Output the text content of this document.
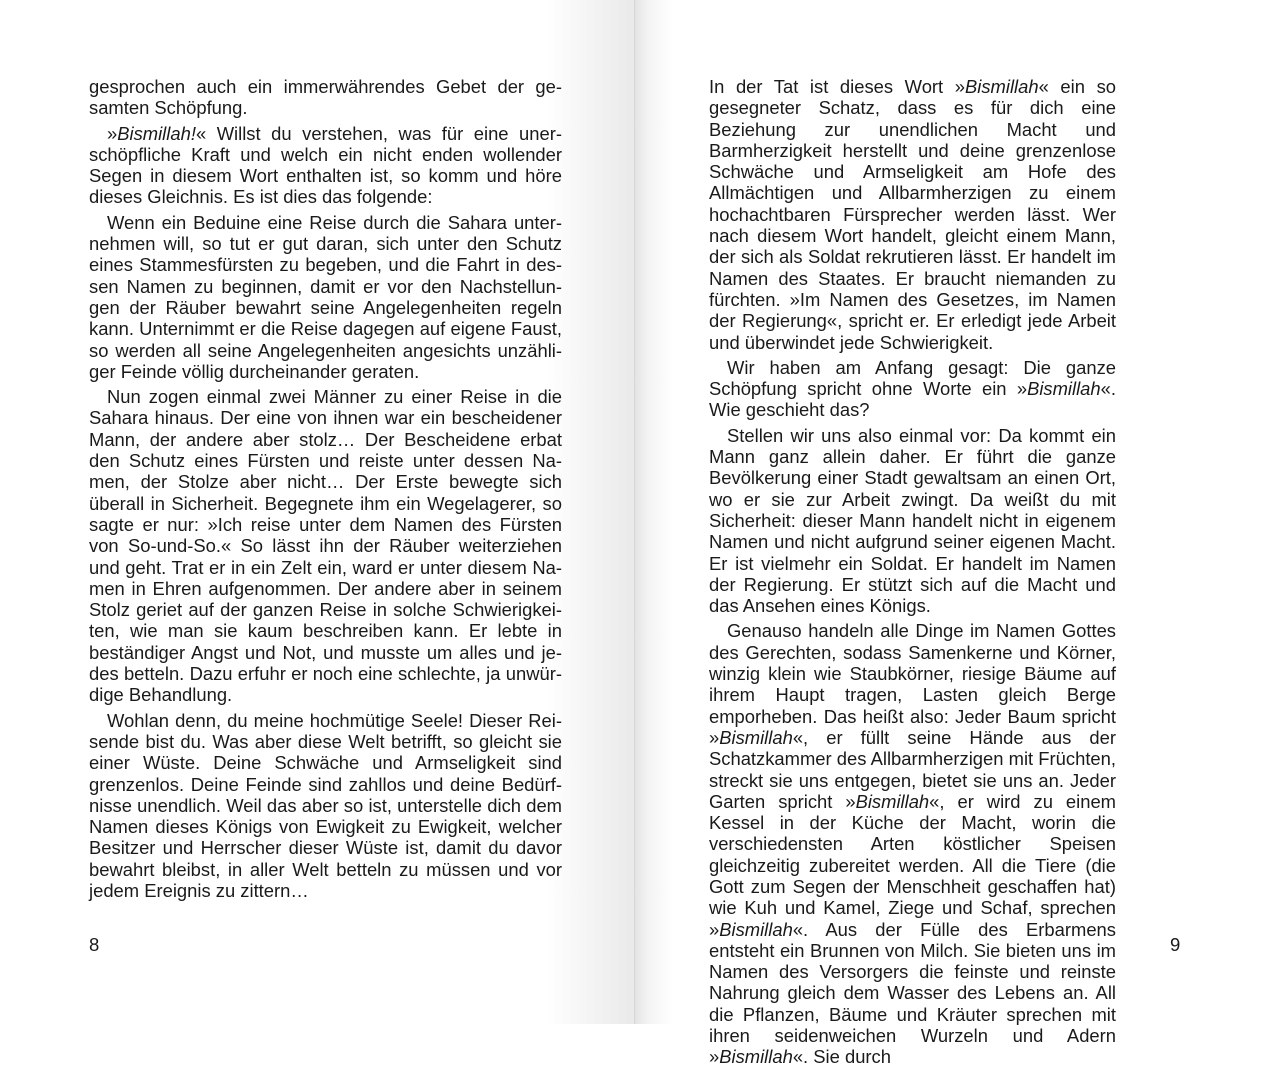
gesprochen auch ein immerwährendes Gebet der gesamten Schöpfung.

»Bismillah!« Willst du verstehen, was für eine unerschöpfliche Kraft und welch ein nicht enden wollender Segen in diesem Wort enthalten ist, so komm und höre dieses Gleichnis. Es ist dies das folgende:

Wenn ein Beduine eine Reise durch die Sahara unternehmen will, so tut er gut daran, sich unter den Schutz eines Stammesfürsten zu begeben, und die Fahrt in dessen Namen zu beginnen, damit er vor den Nachstellungen der Räuber bewahrt seine Angelegenheiten regeln kann. Unternimmt er die Reise dagegen auf eigene Faust, so werden all seine Angelegenheiten angesichts unzähliger Feinde völlig durcheinander geraten.

Nun zogen einmal zwei Männer zu einer Reise in die Sahara hinaus. Der eine von ihnen war ein bescheidener Mann, der andere aber stolz… Der Bescheidene erbat den Schutz eines Fürsten und reiste unter dessen Namen, der Stolze aber nicht… Der Erste bewegte sich überall in Sicherheit. Begegnete ihm ein Wegelagerer, so sagte er nur: »Ich reise unter dem Namen des Fürsten von So-und-So.« So lässt ihn der Räuber weiterziehen und geht. Trat er in ein Zelt ein, ward er unter diesem Namen in Ehren aufgenommen. Der andere aber in seinem Stolz geriet auf der ganzen Reise in solche Schwierigkeiten, wie man sie kaum beschreiben kann. Er lebte in beständiger Angst und Not, und musste um alles und jedes betteln. Dazu erfuhr er noch eine schlechte, ja unwürdige Behandlung.

Wohlan denn, du meine hochmütige Seele! Dieser Reisende bist du. Was aber diese Welt betrifft, so gleicht sie einer Wüste. Deine Schwäche und Armseligkeit sind grenzenlos. Deine Feinde sind zahllos und deine Bedürfnisse unendlich. Weil das aber so ist, unterstelle dich dem Namen dieses Königs von Ewigkeit zu Ewigkeit, welcher Besitzer und Herrscher dieser Wüste ist, damit du davor bewahrt bleibst, in aller Welt betteln zu müssen und vor jedem Ereignis zu zittern…

8

In der Tat ist dieses Wort »Bismillah« ein so gesegneter Schatz, dass es für dich eine Beziehung zur unendlichen Macht und Barmherzigkeit herstellt und deine grenzenlose Schwäche und Armseligkeit am Hofe des Allmächtigen und Allbarmherzigen zu einem hochachtbaren Fürsprecher werden lässt. Wer nach diesem Wort handelt, gleicht einem Mann, der sich als Soldat rekrutieren lässt. Er handelt im Namen des Staates. Er braucht niemanden zu fürchten. »Im Namen des Gesetzes, im Namen der Regierung«, spricht er. Er erledigt jede Arbeit und überwindet jede Schwierigkeit.

Wir haben am Anfang gesagt: Die ganze Schöpfung spricht ohne Worte ein »Bismillah«. Wie geschieht das?

Stellen wir uns also einmal vor: Da kommt ein Mann ganz allein daher. Er führt die ganze Bevölkerung einer Stadt gewaltsam an einen Ort, wo er sie zur Arbeit zwingt. Da weißt du mit Sicherheit: dieser Mann handelt nicht in eigenem Namen und nicht aufgrund seiner eigenen Macht. Er ist vielmehr ein Soldat. Er handelt im Namen der Regierung. Er stützt sich auf die Macht und das Ansehen eines Königs.

Genauso handeln alle Dinge im Namen Gottes des Gerechten, sodass Samenkerne und Körner, winzig klein wie Staubkörner, riesige Bäume auf ihrem Haupt tragen, Lasten gleich Berge emporheben. Das heißt also: Jeder Baum spricht »Bismillah«, er füllt seine Hände aus der Schatzkammer des Allbarmherzigen mit Früchten, streckt sie uns entgegen, bietet sie uns an. Jeder Garten spricht »Bismillah«, er wird zu einem Kessel in der Küche der Macht, worin die verschiedensten Arten köstlicher Speisen gleichzeitig zubereitet werden. All die Tiere (die Gott zum Segen der Menschheit geschaffen hat) wie Kuh und Kamel, Ziege und Schaf, sprechen »Bismillah«. Aus der Fülle des Erbarmens entsteht ein Brunnen von Milch. Sie bieten uns im Namen des Versorgers die feinste und reinste Nahrung gleich dem Wasser des Lebens an. All die Pflanzen, Bäume und Kräuter sprechen mit ihren seidenweichen Wurzeln und Adern »Bismillah«. Sie durch

9
